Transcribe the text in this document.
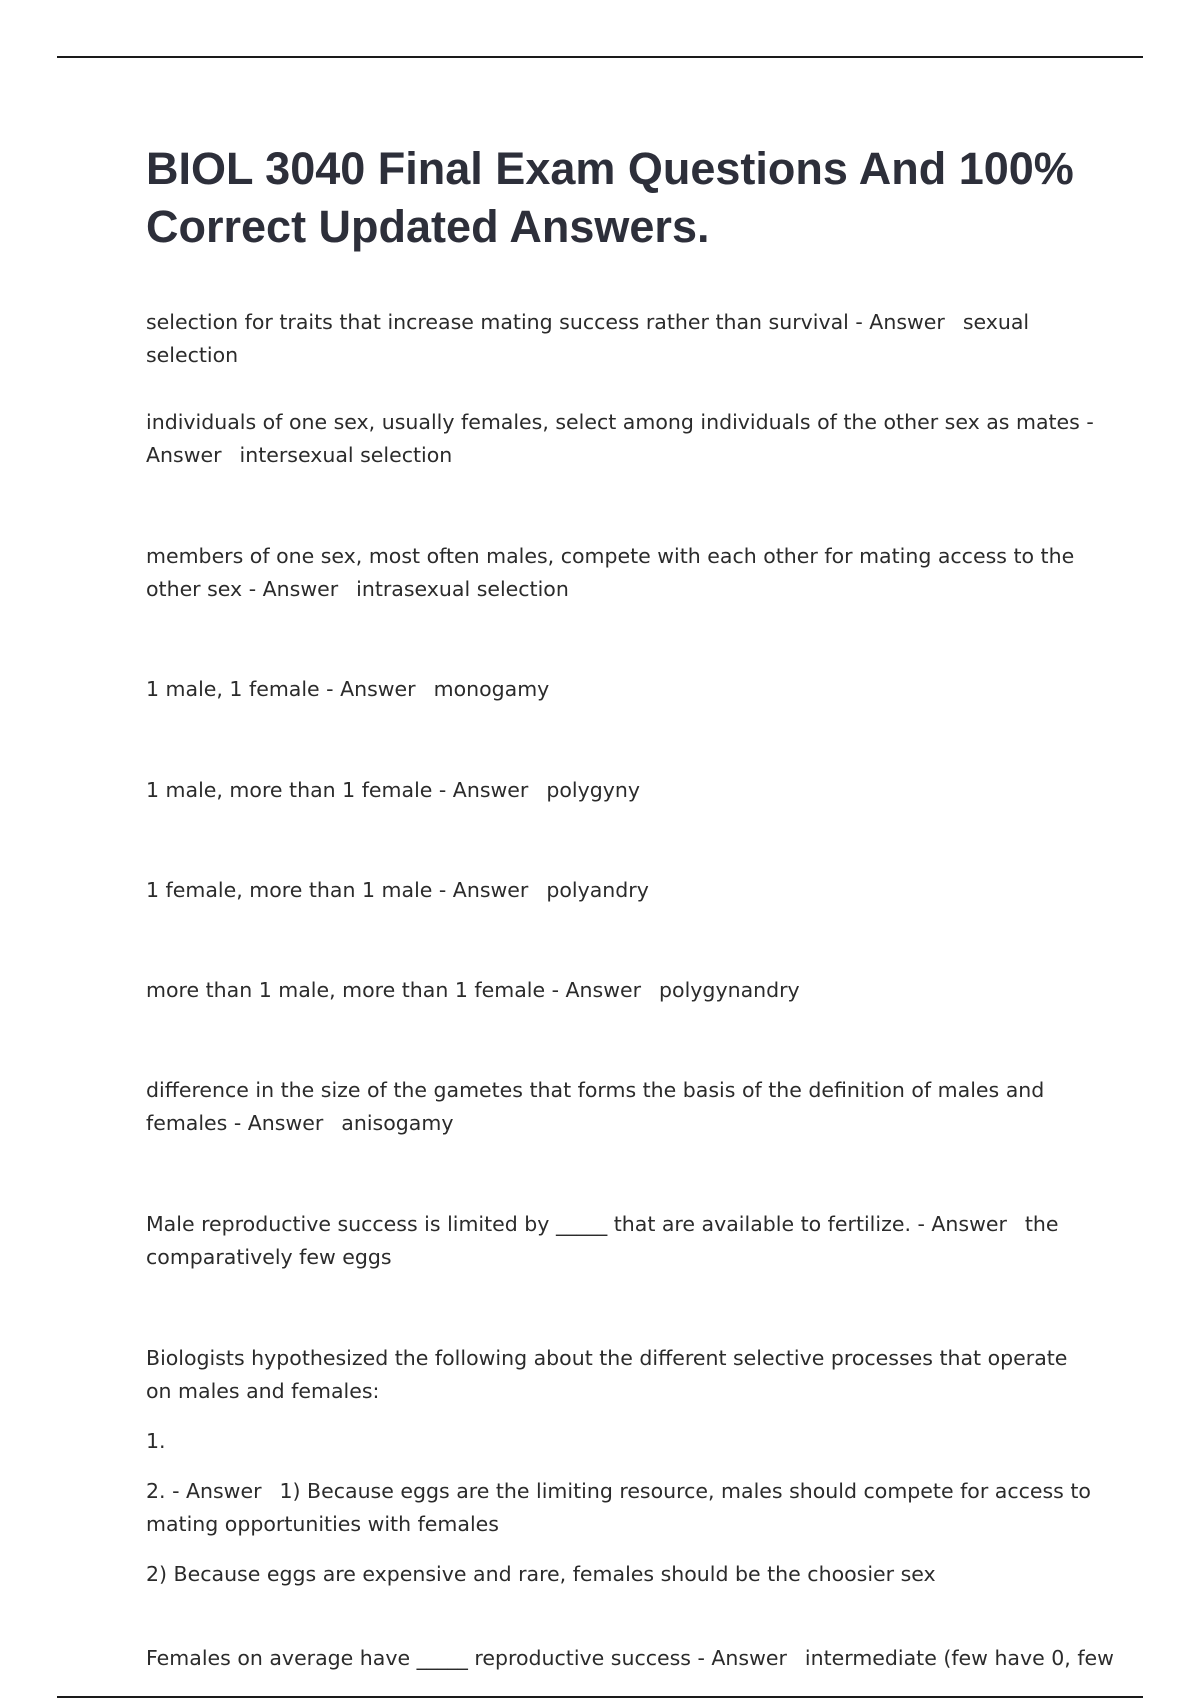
BIOL 3040 Final Exam Questions And 100% Correct Updated Answers.

selection for traits that increase mating success rather than survival - Answer sexual selection

individuals of one sex, usually females, select among individuals of the other sex as mates - Answer intersexual selection

members of one sex, most often males, compete with each other for mating access to the other sex - Answer intrasexual selection

1 male, 1 female - Answer monogamy

1 male, more than 1 female - Answer polygyny

1 female, more than 1 male - Answer polyandry

more than 1 male, more than 1 female - Answer polygynandry

difference in the size of the gametes that forms the basis of the definition of males and females - Answer anisogamy

Male reproductive success is limited by _____ that are available to fertilize. - Answer the comparatively few eggs

Biologists hypothesized the following about the different selective processes that operate on males and females:
1.
2. - Answer 1) Because eggs are the limiting resource, males should compete for access to mating opportunities with females
2) Because eggs are expensive and rare, females should be the choosier sex

Females on average have _____ reproductive success - Answer intermediate (few have 0, few
